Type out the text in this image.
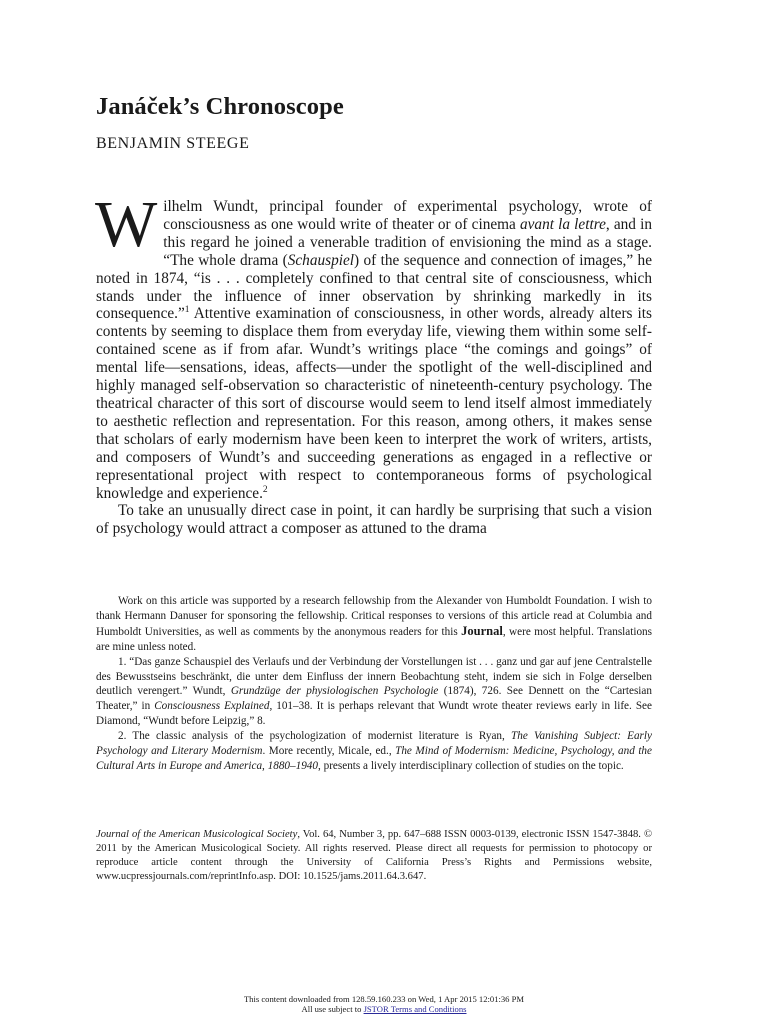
Janáček’s Chronoscope
BENJAMIN STEEGE

Wilhelm Wundt, principal founder of experimental psychology, wrote of consciousness as one would write of theater or of cinema avant la lettre, and in this regard he joined a venerable tradition of envisioning the mind as a stage. “The whole drama (Schauspiel) of the sequence and connection of images,” he noted in 1874, “is . . . completely confined to that central site of consciousness, which stands under the influence of inner observation by shrinking markedly in its consequence.”$^1$ Attentive examination of consciousness, in other words, already alters its contents by seeming to displace them from everyday life, viewing them within some self-contained scene as if from afar. Wundt’s writings place “the comings and goings” of mental life—sensations, ideas, affects—under the spotlight of the well-disciplined and highly managed self-observation so characteristic of nineteenth-century psychology. The theatrical character of this sort of discourse would seem to lend itself almost immediately to aesthetic reflection and representation. For this reason, among others, it makes sense that scholars of early modernism have been keen to interpret the work of writers, artists, and composers of Wundt’s and succeeding generations as engaged in a reflective or representational project with respect to contemporaneous forms of psychological knowledge and experience.$^2$

To take an unusually direct case in point, it can hardly be surprising that such a vision of psychology would attract a composer as attuned to the drama

Work on this article was supported by a research fellowship from the Alexander von Humboldt Foundation. I wish to thank Hermann Danuser for sponsoring the fellowship. Critical responses to versions of this article read at Columbia and Humboldt Universities, as well as comments by the anonymous readers for this Journal, were most helpful. Translations are mine unless noted.

1. “Das ganze Schauspiel des Verlaufs und der Verbindung der Vorstellungen ist . . . ganz und gar auf jene Centralstelle des Bewusstseins beschränkt, die unter dem Einfluss der innern Beobachtung steht, indem sie sich in Folge derselben deutlich verengert.” Wundt, Grundzüge der physiologischen Psychologie (1874), 726. See Dennett on the “Cartesian Theater,” in Consciousness Explained, 101–38. It is perhaps relevant that Wundt wrote theater reviews early in life. See Diamond, “Wundt before Leipzig,” 8.

2. The classic analysis of the psychologization of modernist literature is Ryan, The Vanishing Subject: Early Psychology and Literary Modernism. More recently, Micale, ed., The Mind of Modernism: Medicine, Psychology, and the Cultural Arts in Europe and America, 1880–1940, presents a lively interdisciplinary collection of studies on the topic.

Journal of the American Musicological Society, Vol. 64, Number 3, pp. 647–688 ISSN 0003-0139, electronic ISSN 1547-3848. © 2011 by the American Musicological Society. All rights reserved. Please direct all requests for permission to photocopy or reproduce article content through the University of California Press’s Rights and Permissions website, www.ucpressjournals.com/reprintInfo.asp. DOI: 10.1525/jams.2011.64.3.647.
This content downloaded from 128.59.160.233 on Wed, 1 Apr 2015 12:01:36 PM
All use subject to JSTOR Terms and Conditions
